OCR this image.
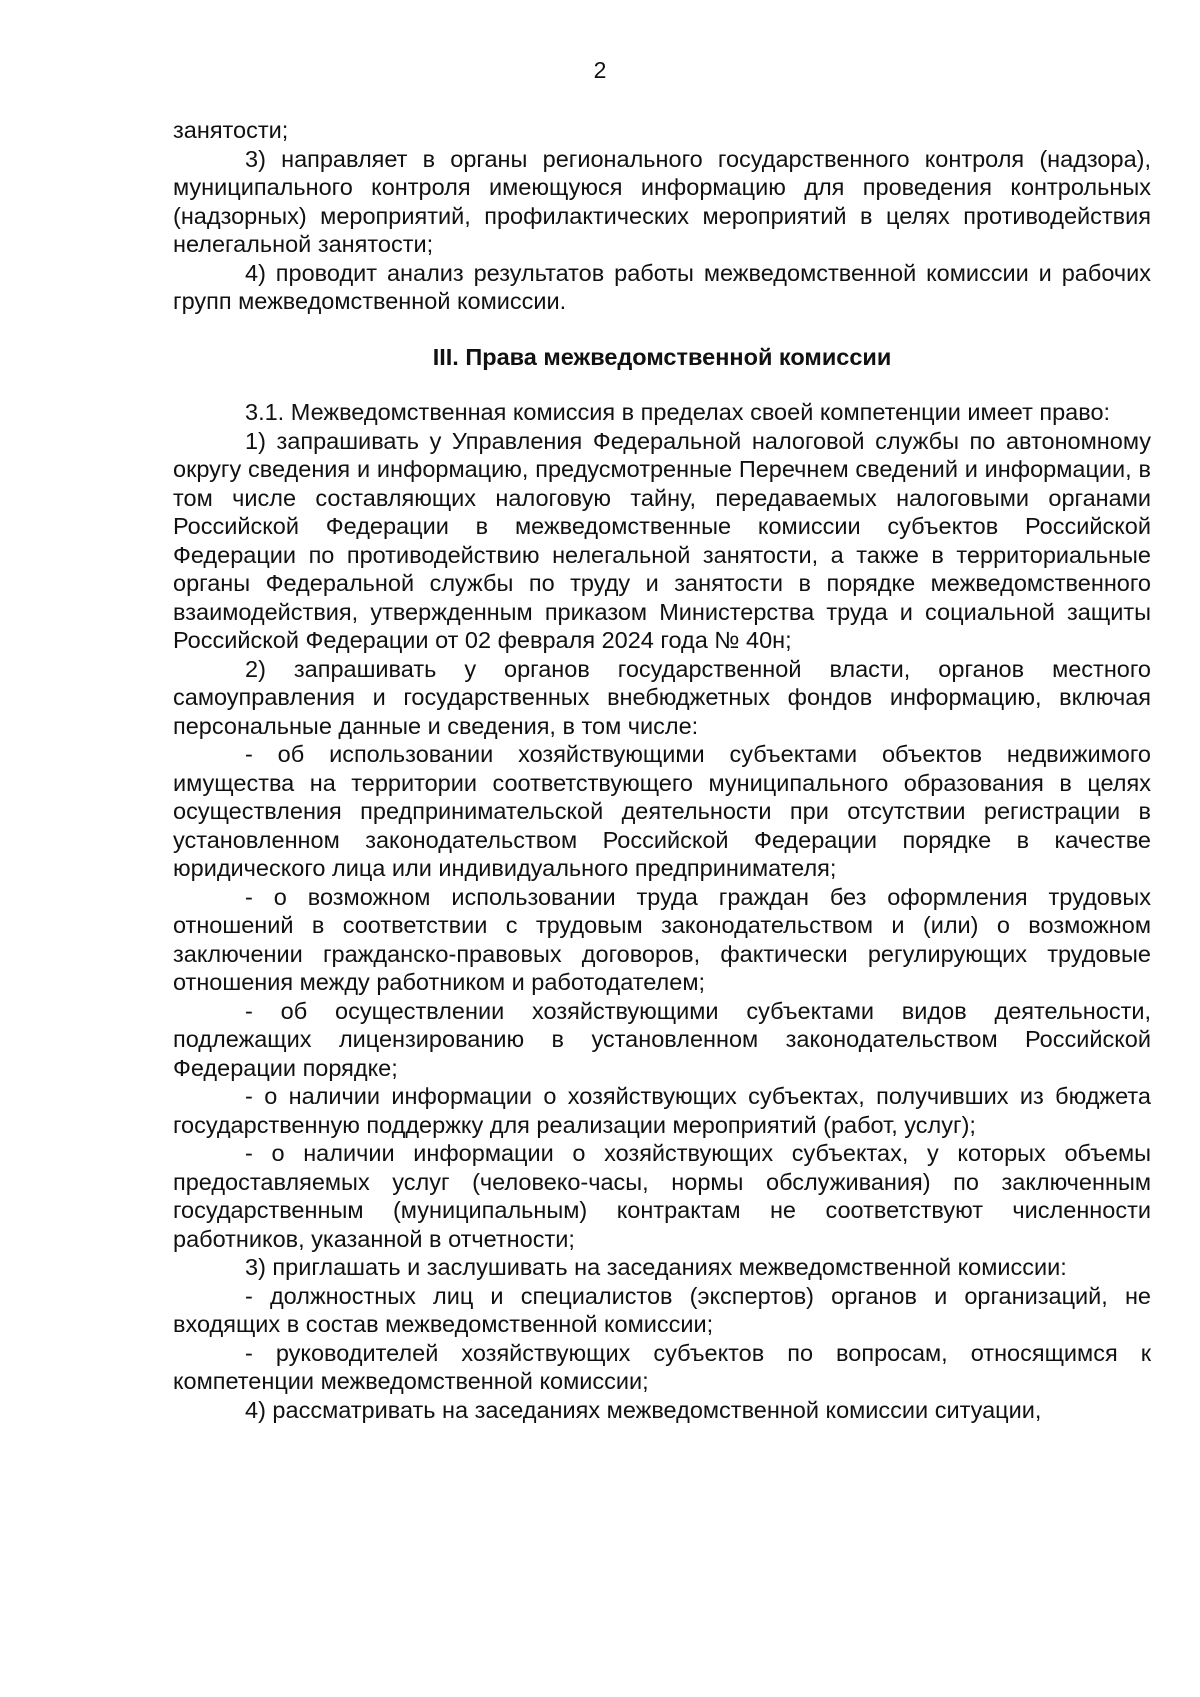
2

занятости;

3) направляет в органы регионального государственного контроля (надзора), муниципального контроля имеющуюся информацию для проведения контрольных (надзорных) мероприятий, профилактических мероприятий в целях противодействия нелегальной занятости;

4) проводит анализ результатов работы межведомственной комиссии и рабочих групп межведомственной комиссии.

III. Права межведомственной комиссии

3.1. Межведомственная комиссия в пределах своей компетенции имеет право:

1) запрашивать у Управления Федеральной налоговой службы по автономному округу сведения и информацию, предусмотренные Перечнем сведений и информации, в том числе составляющих налоговую тайну, передаваемых налоговыми органами Российской Федерации в межведомственные комиссии субъектов Российской Федерации по противодействию нелегальной занятости, а также в территориальные органы Федеральной службы по труду и занятости в порядке межведомственного взаимодействия, утвержденным приказом Министерства труда и социальной защиты Российской Федерации от 02 февраля 2024 года № 40н;

2) запрашивать у органов государственной власти, органов местного самоуправления и государственных внебюджетных фондов информацию, включая персональные данные и сведения, в том числе:

- об использовании хозяйствующими субъектами объектов недвижимого имущества на территории соответствующего муниципального образования в целях осуществления предпринимательской деятельности при отсутствии регистрации в установленном законодательством Российской Федерации порядке в качестве юридического лица или индивидуального предпринимателя;

- о возможном использовании труда граждан без оформления трудовых отношений в соответствии с трудовым законодательством и (или) о возможном заключении гражданско-правовых договоров, фактически регулирующих трудовые отношения между работником и работодателем;

- об осуществлении хозяйствующими субъектами видов деятельности, подлежащих лицензированию в установленном законодательством Российской Федерации порядке;

- о наличии информации о хозяйствующих субъектах, получивших из бюджета государственную поддержку для реализации мероприятий (работ, услуг);

- о наличии информации о хозяйствующих субъектах, у которых объемы предоставляемых услуг (человеко-часы, нормы обслуживания) по заключенным государственным (муниципальным) контрактам не соответствуют численности работников, указанной в отчетности;

3) приглашать и заслушивать на заседаниях межведомственной комиссии:

- должностных лиц и специалистов (экспертов) органов и организаций, не входящих в состав межведомственной комиссии;

- руководителей хозяйствующих субъектов по вопросам, относящимся к компетенции межведомственной комиссии;

4) рассматривать на заседаниях межведомственной комиссии ситуации,
